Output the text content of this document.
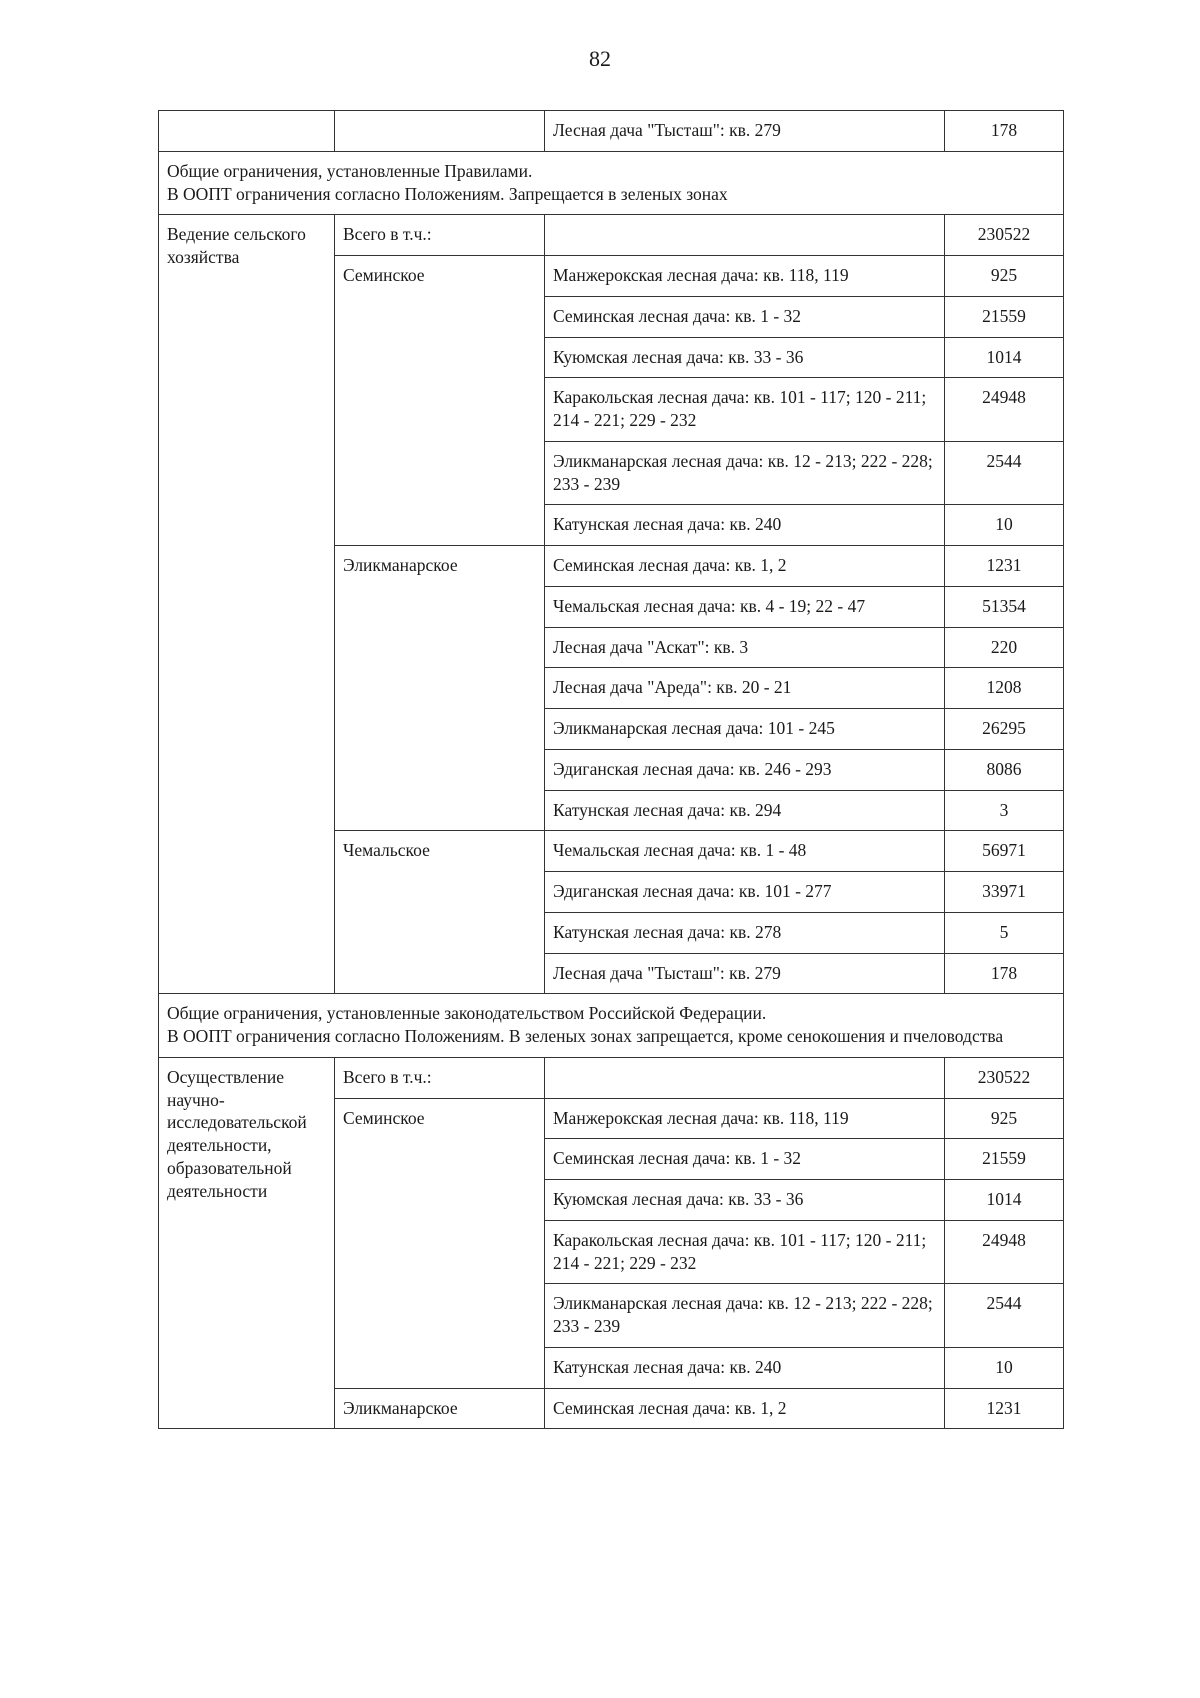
82
		Лесная дача "Тысташ": кв. 279	178

Общие ограничения, установленные Правилами.
В ООПТ ограничения согласно Положениям. Запрещается в зеленых зонах			

Ведение сельского хозяйства	Всего в т.ч.:		230522
	Семинское	Манжерокская лесная дача: кв. 118, 119	925
		Семинская лесная дача: кв. 1 - 32	21559
		Куюмская лесная дача: кв. 33 - 36	1014
		Каракольская лесная дача: кв. 101 - 117; 120 - 211; 214 - 221; 229 - 232	24948
		Эликманарская лесная дача: кв. 12 - 213; 222 - 228; 233 - 239	2544
		Катунская лесная дача: кв. 240	10
	Эликманарское	Семинская лесная дача: кв. 1, 2	1231
		Чемальская лесная дача: кв. 4 - 19; 22 - 47	51354
		Лесная дача "Аскат": кв. 3	220
		Лесная дача "Ареда": кв. 20 - 21	1208
		Эликманарская лесная дача: 101 - 245	26295
		Эдиганская лесная дача: кв. 246 - 293	8086
		Катунская лесная дача: кв. 294	3
	Чемальское	Чемальская лесная дача: кв. 1 - 48	56971
		Эдиганская лесная дача: кв. 101 - 277	33971
		Катунская лесная дача: кв. 278	5
		Лесная дача "Тысташ": кв. 279	178

Общие ограничения, установленные законодательством Российской Федерации.
В ООПТ ограничения согласно Положениям. В зеленых зонах запрещается, кроме сенокошения и пчеловодства			

Осуществление научно-исследовательской деятельности, образовательной деятельности	Всего в т.ч.:		230522
	Семинское	Манжерокская лесная дача: кв. 118, 119	925
		Семинская лесная дача: кв. 1 - 32	21559
		Куюмская лесная дача: кв. 33 - 36	1014
		Каракольская лесная дача: кв. 101 - 117; 120 - 211; 214 - 221; 229 - 232	24948
		Эликманарская лесная дача: кв. 12 - 213; 222 - 228; 233 - 239	2544
		Катунская лесная дача: кв. 240	10
	Эликманарское	Семинская лесная дача: кв. 1, 2	1231
